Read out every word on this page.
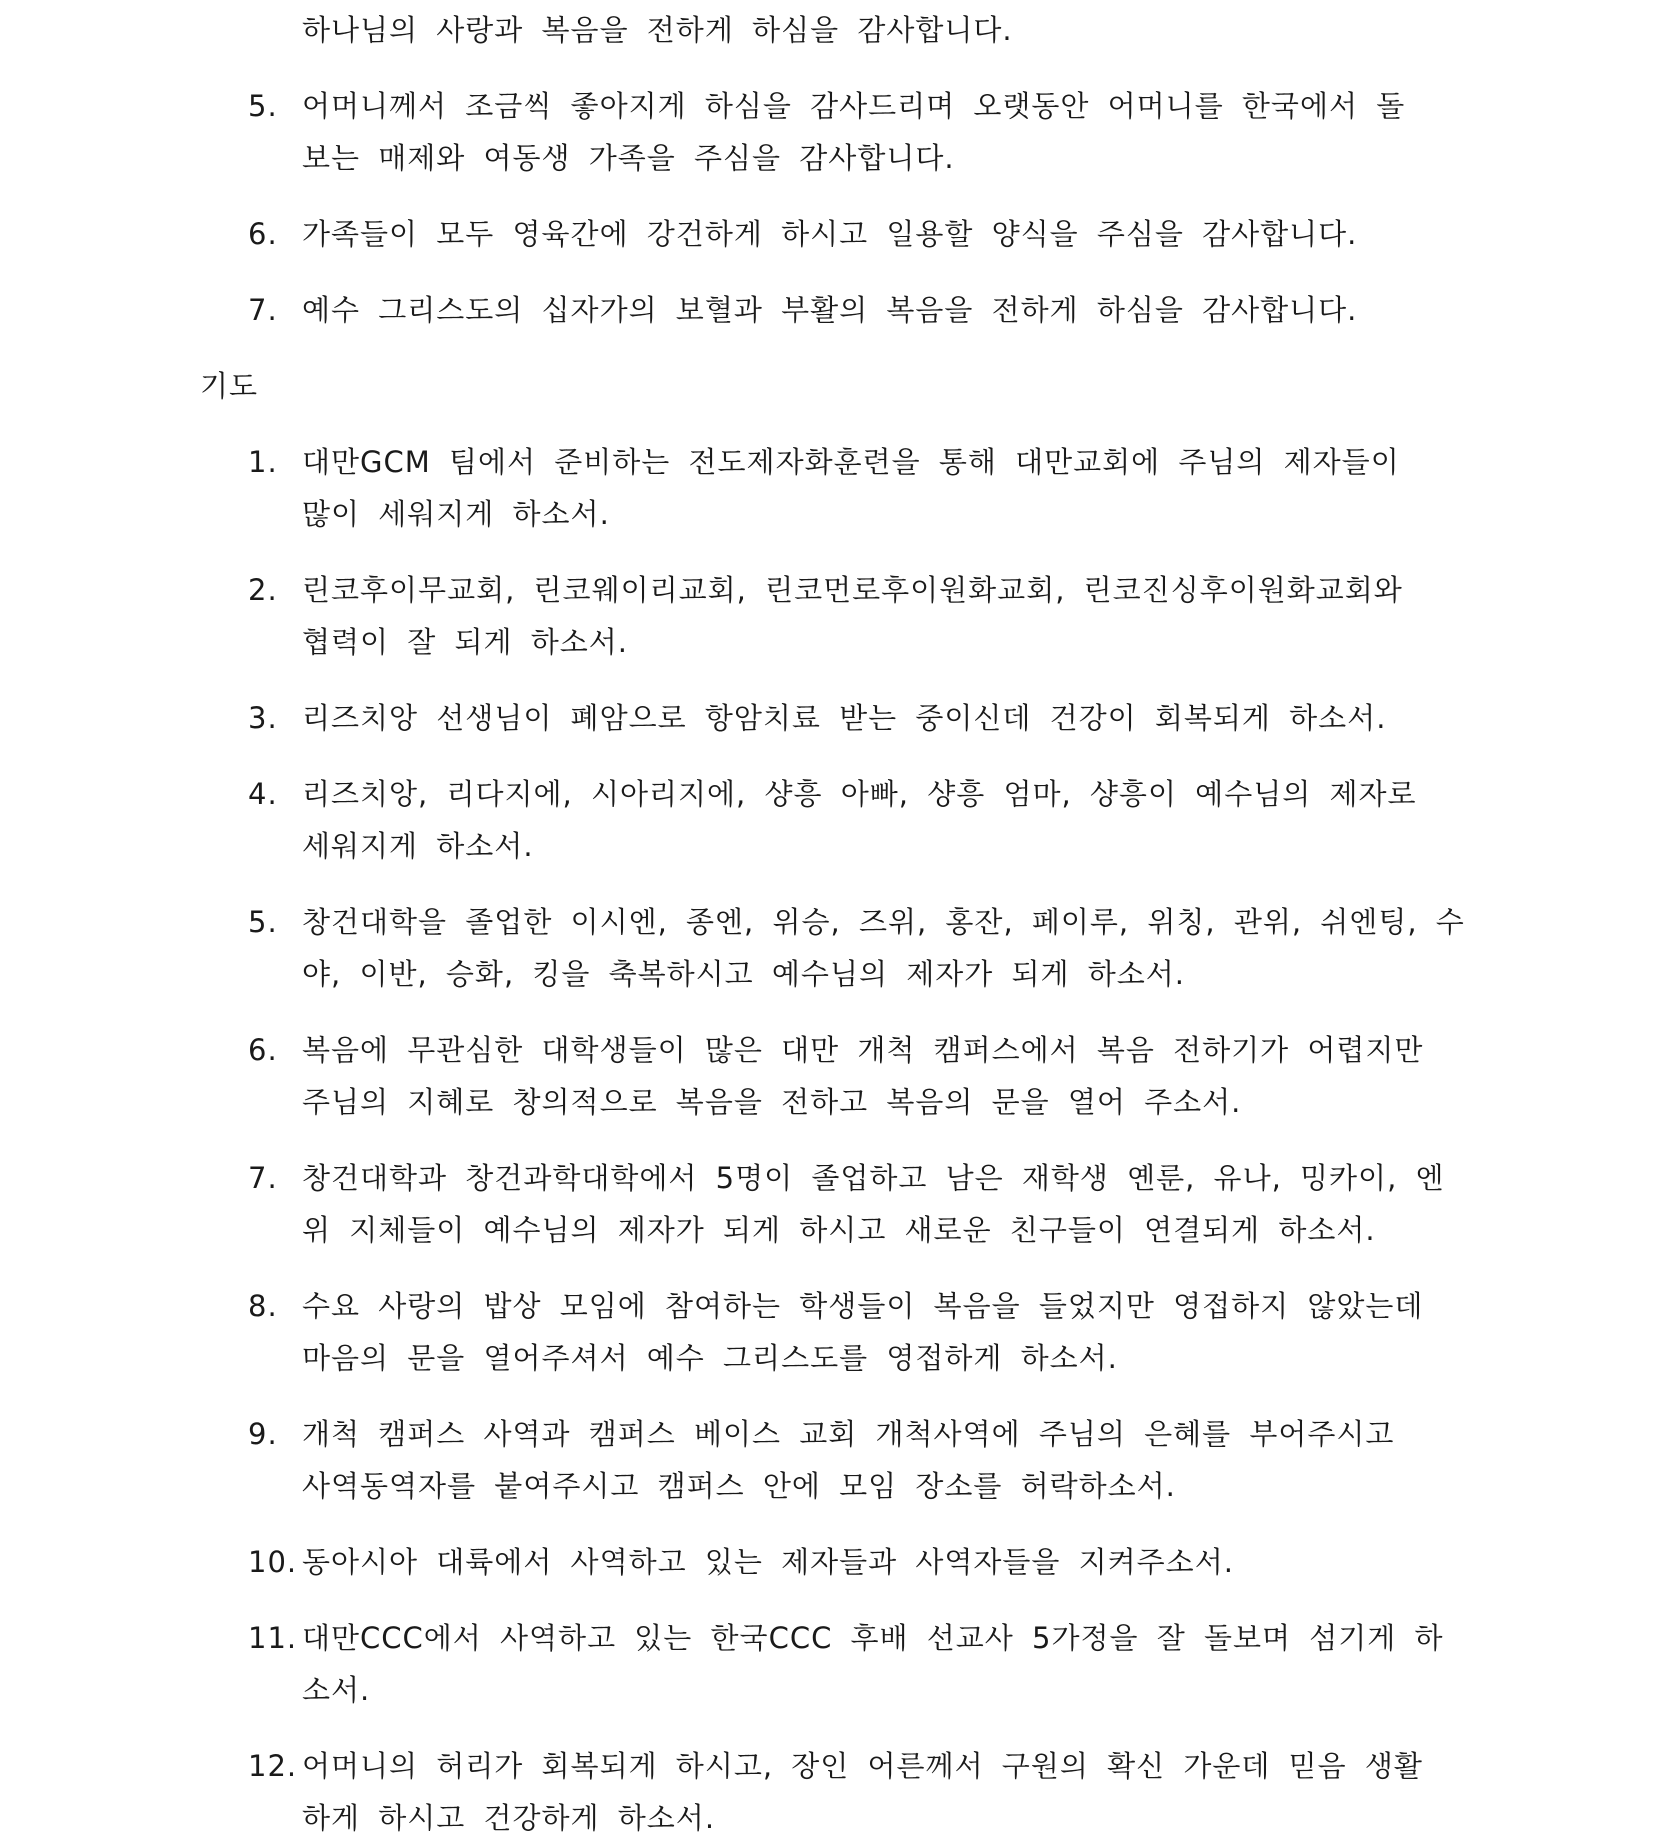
하나님의 사랑과 복음을 전하게 하심을 감사합니다.
5. 어머니께서 조금씩 좋아지게 하심을 감사드리며 오랫동안 어머니를 한국에서 돌
보는 매제와 여동생 가족을 주심을 감사합니다.
6. 가족들이 모두 영육간에 강건하게 하시고 일용할 양식을 주심을 감사합니다.
7. 예수 그리스도의 십자가의 보혈과 부활의 복음을 전하게 하심을 감사합니다.
기도
1. 대만GCM 팀에서 준비하는 전도제자화훈련을 통해 대만교회에 주님의 제자들이
많이 세워지게 하소서.
2. 린코후이무교회, 린코웨이리교회, 린코먼로후이원화교회, 린코진싱후이원화교회와
협력이 잘 되게 하소서.
3. 리즈치앙 선생님이 폐암으로 항암치료 받는 중이신데 건강이 회복되게 하소서.
4. 리즈치앙, 리다지에, 시아리지에, 샹흥 아빠, 샹흥 엄마, 샹흥이 예수님의 제자로
세워지게 하소서.
5. 창건대학을 졸업한 이시엔, 종엔, 위승, 즈위, 홍잔, 페이루, 위칭, 관위, 쉬엔팅, 수
야, 이반, 승화, 킹을 축복하시고 예수님의 제자가 되게 하소서.
6. 복음에 무관심한 대학생들이 많은 대만 개척 캠퍼스에서 복음 전하기가 어렵지만
주님의 지혜로 창의적으로 복음을 전하고 복음의 문을 열어 주소서.
7. 창건대학과 창건과학대학에서 5명이 졸업하고 남은 재학생 옌룬, 유나, 밍카이, 엔
위 지체들이 예수님의 제자가 되게 하시고 새로운 친구들이 연결되게 하소서.
8. 수요 사랑의 밥상 모임에 참여하는 학생들이 복음을 들었지만 영접하지 않았는데
마음의 문을 열어주셔서 예수 그리스도를 영접하게 하소서.
9. 개척 캠퍼스 사역과 캠퍼스 베이스 교회 개척사역에 주님의 은혜를 부어주시고
사역동역자를 붙여주시고 캠퍼스 안에 모임 장소를 허락하소서.
10. 동아시아 대륙에서 사역하고 있는 제자들과 사역자들을 지켜주소서.
11. 대만CCC에서 사역하고 있는 한국CCC 후배 선교사 5가정을 잘 돌보며 섬기게 하
소서.
12. 어머니의 허리가 회복되게 하시고, 장인 어른께서 구원의 확신 가운데 믿음 생활
하게 하시고 건강하게 하소서.
